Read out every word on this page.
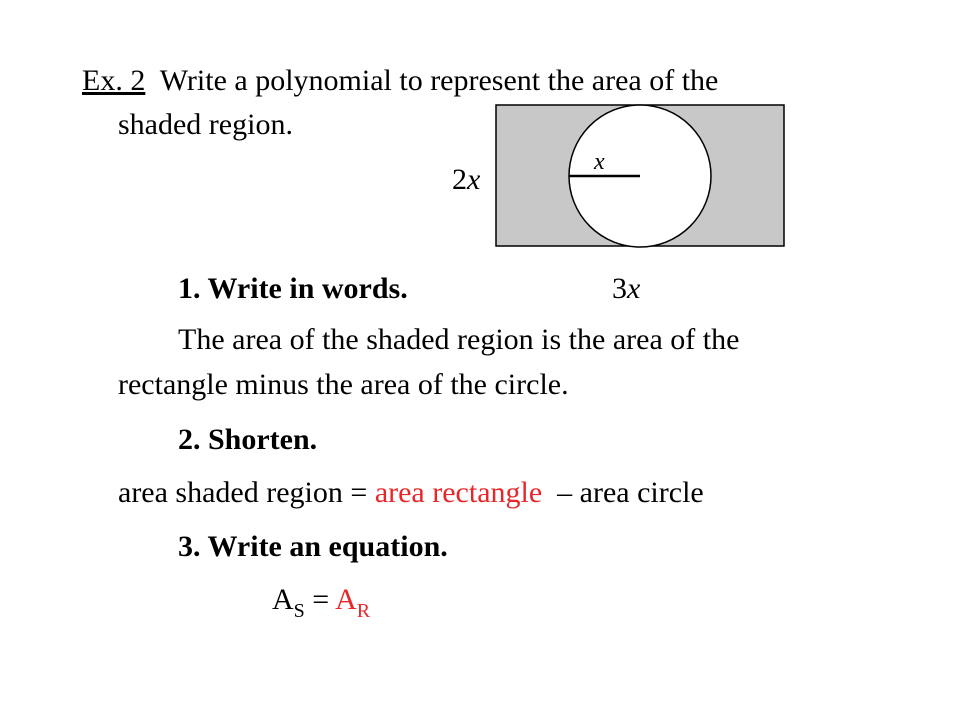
Ex. 2 Write a polynomial to represent the area of the
shaded region.
2x
x
1. Write in words.	3x
The area of the shaded region is the area of the
rectangle minus the area of the circle.
2. Shorten.
area shaded region = area rectangle  – area circle
3. Write an equation.
$A_S = A_R$
